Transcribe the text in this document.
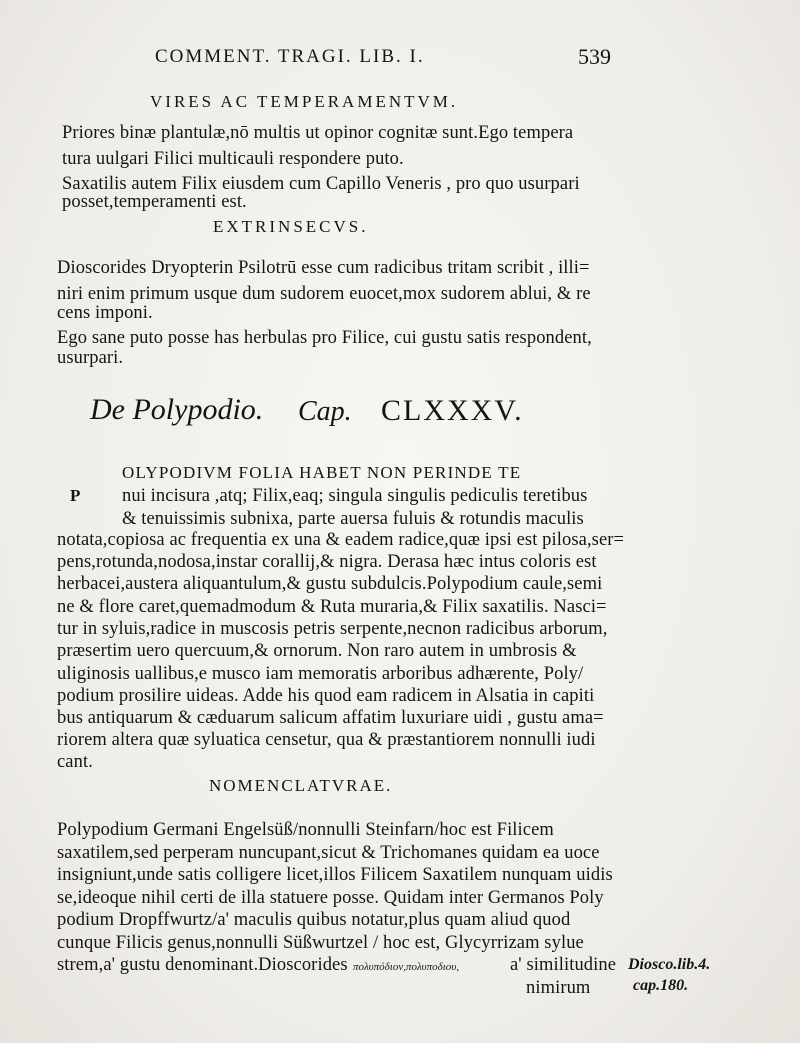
COMMENT. TRAGI. LIB. I.	539
VIRES AC TEMPERAMENTVM.
Priores binæ plantulæ,nō multis ut opinor cognitæ sunt.Ego tempera
tura uulgari Filici multicauli respondere puto.
Saxatilis autem Filix eiusdem cum Capillo Veneris , pro quo usurpari
posset,temperamenti est.
EXTRINSECVS.
Dioscorides Dryopterin Psilotrū esse cum radicibus tritam scribit , illi=
niri enim primum usque dum sudorem euocet,mox sudorem ablui, & re
cens imponi.
Ego sane puto posse has herbulas pro Filice, cui gustu satis respondent,
usurpari.
De Polypodio. Cap. CLXXXV.
P
OLYPODIVM FOLIA HABET NON PERINDE TE
nui incisura ,atq; Filix,eaq; singula singulis pediculis teretibus
& tenuissimis subnixa, parte auersa fuluis & rotundis maculis
notata,copiosa ac frequentia ex una & eadem radice,quæ ipsi est pilosa,ser=
pens,rotunda,nodosa,instar corallij,& nigra. Derasa hæc intus coloris est
herbacei,austera aliquantulum,& gustu subdulcis.Polypodium caule,semi
ne & flore caret,quemadmodum & Ruta muraria,& Filix saxatilis. Nasci=
tur in syluis,radice in muscosis petris serpente,necnon radicibus arborum,
præsertim uero quercuum,& ornorum. Non raro autem in umbrosis &
uliginosis uallibus,e musco iam memoratis arboribus adhærente, Poly/
podium prosilire uideas. Adde his quod eam radicem in Alsatia in capiti
bus antiquarum & cæduarum salicum affatim luxuriare uidi , gustu ama=
riorem altera quæ syluatica censetur, qua & præstantiorem nonnulli iudi
cant.
NOMENCLATVRAE.
Polypodium Germani Engelsüß/nonnulli Steinfarn/hoc est Filicem
saxatilem,sed perperam nuncupant,sicut & Trichomanes quidam ea uoce
insigniunt,unde satis colligere licet,illos Filicem Saxatilem nunquam uidis
se,ideoque nihil certi de illa statuere posse. Quidam inter Germanos Poly
podium Dropffwurtz/a' maculis quibus notatur,plus quam aliud quod
cunque Filicis genus,nonnulli Süßwurtzel / hoc est, Glycyrrizam sylue
strem,a' gustu denominant.Dioscorides πολυπόδιον,πολυποδιου,	a' similitudine
nimirum
Diosco.lib.4.
cap.180.
